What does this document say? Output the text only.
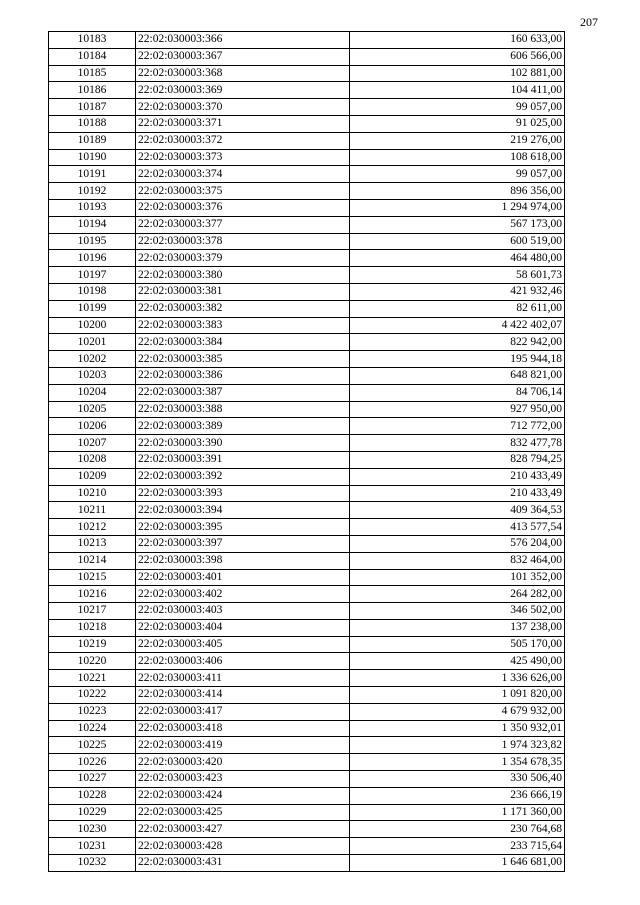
207
10183	22:02:030003:366	160 633,00
10184	22:02:030003:367	606 566,00
10185	22:02:030003:368	102 881,00
10186	22:02:030003:369	104 411,00
10187	22:02:030003:370	99 057,00
10188	22:02:030003:371	91 025,00
10189	22:02:030003:372	219 276,00
10190	22:02:030003:373	108 618,00
10191	22:02:030003:374	99 057,00
10192	22:02:030003:375	896 356,00
10193	22:02:030003:376	1 294 974,00
10194	22:02:030003:377	567 173,00
10195	22:02:030003:378	600 519,00
10196	22:02:030003:379	464 480,00
10197	22:02:030003:380	58 601,73
10198	22:02:030003:381	421 932,46
10199	22:02:030003:382	82 611,00
10200	22:02:030003:383	4 422 402,07
10201	22:02:030003:384	822 942,00
10202	22:02:030003:385	195 944,18
10203	22:02:030003:386	648 821,00
10204	22:02:030003:387	84 706,14
10205	22:02:030003:388	927 950,00
10206	22:02:030003:389	712 772,00
10207	22:02:030003:390	832 477,78
10208	22:02:030003:391	828 794,25
10209	22:02:030003:392	210 433,49
10210	22:02:030003:393	210 433,49
10211	22:02:030003:394	409 364,53
10212	22:02:030003:395	413 577,54
10213	22:02:030003:397	576 204,00
10214	22:02:030003:398	832 464,00
10215	22:02:030003:401	101 352,00
10216	22:02:030003:402	264 282,00
10217	22:02:030003:403	346 502,00
10218	22:02:030003:404	137 238,00
10219	22:02:030003:405	505 170,00
10220	22:02:030003:406	425 490,00
10221	22:02:030003:411	1 336 626,00
10222	22:02:030003:414	1 091 820,00
10223	22:02:030003:417	4 679 932,00
10224	22:02:030003:418	1 350 932,01
10225	22:02:030003:419	1 974 323,82
10226	22:02:030003:420	1 354 678,35
10227	22:02:030003:423	330 506,40
10228	22:02:030003:424	236 666,19
10229	22:02:030003:425	1 171 360,00
10230	22:02:030003:427	230 764,68
10231	22:02:030003:428	233 715,64
10232	22:02:030003:431	1 646 681,00
